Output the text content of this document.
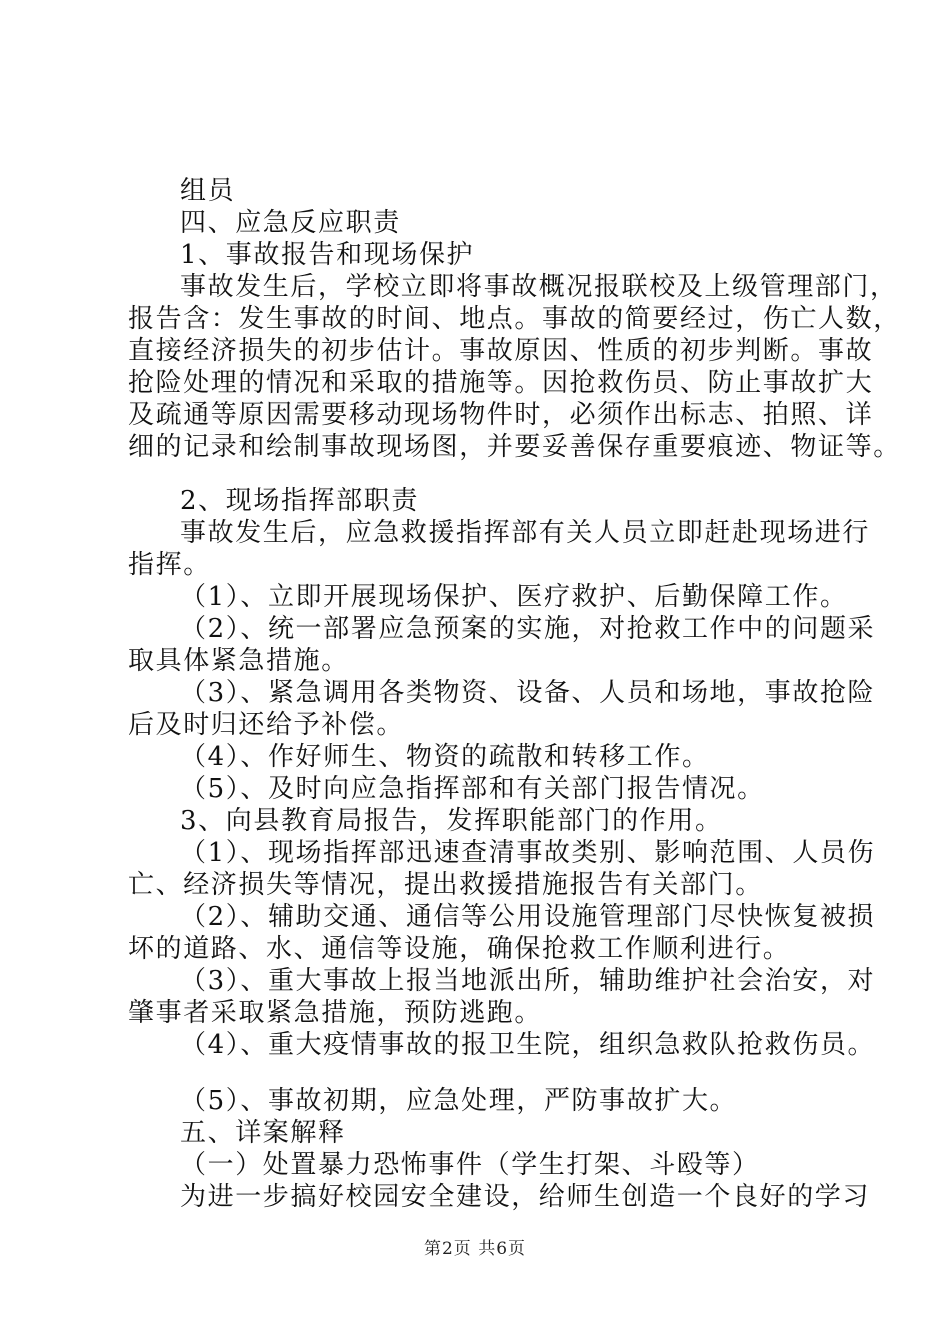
组员
四、应急反应职责
1、事故报告和现场保护
事故发生后，学校立即将事故概况报联校及上级管理部门，
报告含：发生事故的时间、地点。事故的简要经过，伤亡人数，
直接经济损失的初步估计。事故原因、性质的初步判断。事故
抢险处理的情况和采取的措施等。因抢救伤员、防止事故扩大
及疏通等原因需要移动现场物件时，必须作出标志、拍照、详
细的记录和绘制事故现场图，并要妥善保存重要痕迹、物证等。
2、现场指挥部职责
事故发生后，应急救援指挥部有关人员立即赶赴现场进行
指挥。
（1）、立即开展现场保护、医疗救护、后勤保障工作。
（2）、统一部署应急预案的实施，对抢救工作中的问题采
取具体紧急措施。
（3）、紧急调用各类物资、设备、人员和场地，事故抢险
后及时归还给予补偿。
（4）、作好师生、物资的疏散和转移工作。
（5）、及时向应急指挥部和有关部门报告情况。
3、向县教育局报告，发挥职能部门的作用。
（1）、现场指挥部迅速查清事故类别、影响范围、人员伤
亡、经济损失等情况，提出救援措施报告有关部门。
（2）、辅助交通、通信等公用设施管理部门尽快恢复被损
坏的道路、水、通信等设施，确保抢救工作顺利进行。
（3）、重大事故上报当地派出所，辅助维护社会治安，对
肇事者采取紧急措施，预防逃跑。
（4）、重大疫情事故的报卫生院，组织急救队抢救伤员。
（5）、事故初期，应急处理，严防事故扩大。
五、详案解释
（一）处置暴力恐怖事件（学生打架、斗殴等）
为进一步搞好校园安全建设，给师生创造一个良好的学习
第2页 共6页
